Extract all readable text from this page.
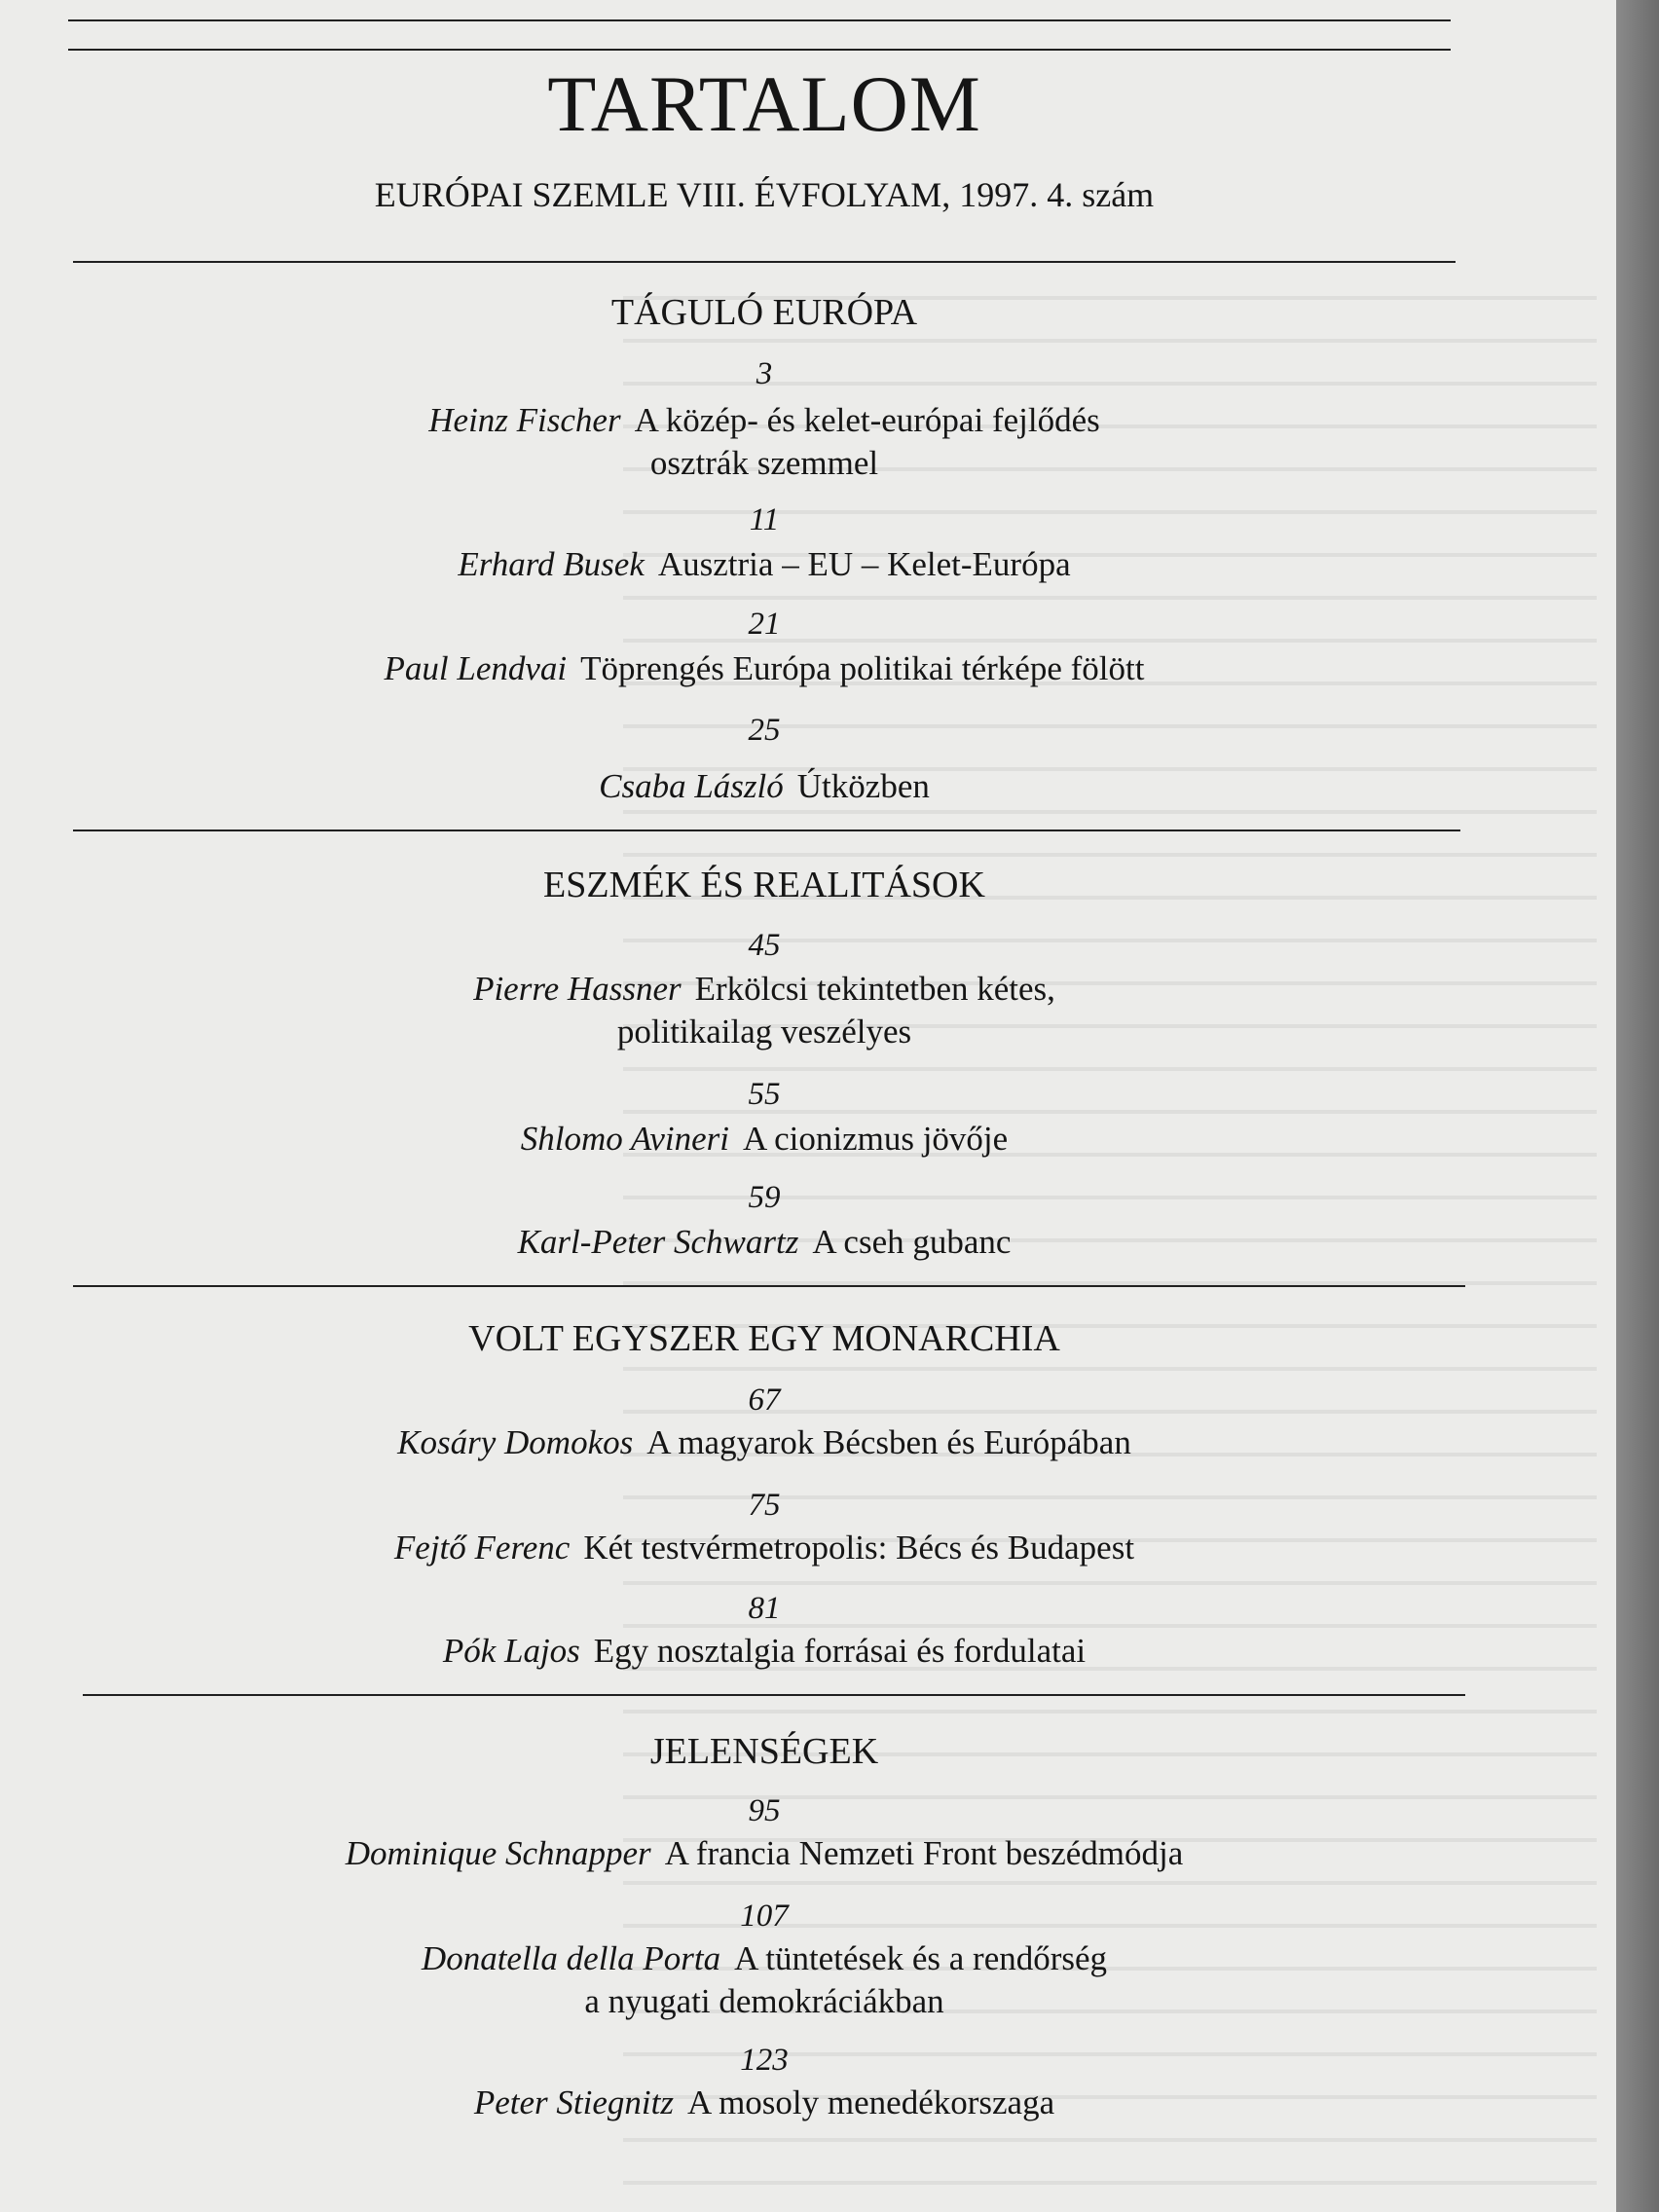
TARTALOM
EURÓPAI SZEMLE VIII. ÉVFOLYAM, 1997. 4. szám
TÁGULÓ EURÓPA
3
Heinz Fischer A közép- és kelet-európai fejlődés
osztrák szemmel
11
Erhard Busek Ausztria – EU – Kelet-Európa
21
Paul Lendvai Töprengés Európa politikai térképe fölött
25
Csaba László Útközben
ESZMÉK ÉS REALITÁSOK
45
Pierre Hassner Erkölcsi tekintetben kétes,
politikailag veszélyes
55
Shlomo Avineri A cionizmus jövője
59
Karl-Peter Schwartz A cseh gubanc
VOLT EGYSZER EGY MONARCHIA
67
Kosáry Domokos A magyarok Bécsben és Európában
75
Fejtő Ferenc Két testvérmetropolis: Bécs és Budapest
81
Pók Lajos Egy nosztalgia forrásai és fordulatai
JELENSÉGEK
95
Dominique Schnapper A francia Nemzeti Front beszédmódja
107
Donatella della Porta A tüntetések és a rendőrség
a nyugati demokráciákban
123
Peter Stiegnitz A mosoly menedékorszaga
